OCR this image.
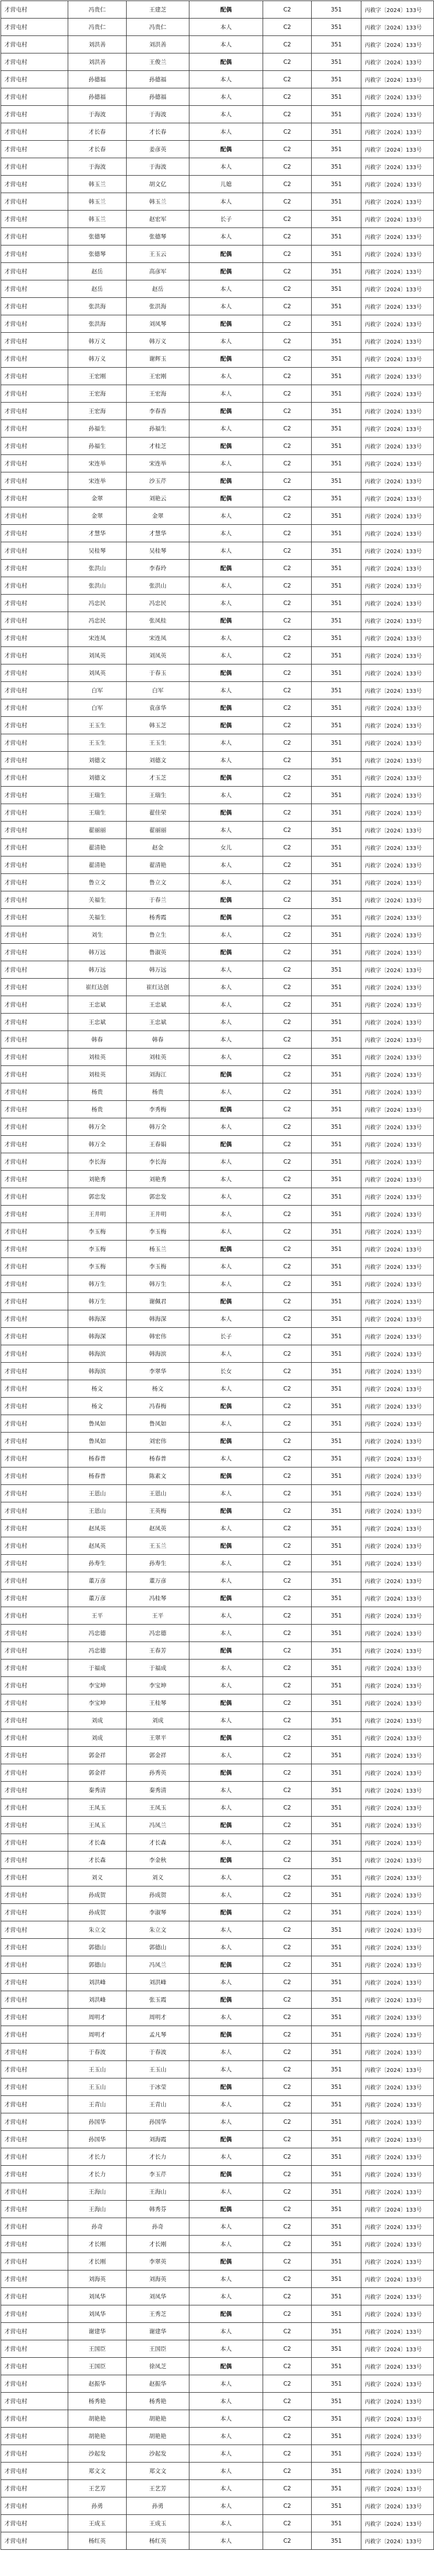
才营屯村	冯贵仁	王建芝	配偶	C2	351	丙救字〔2024〕133号
才营屯村	冯贵仁	冯贵仁	本人	C2	351	丙救字〔2024〕133号
才营屯村	刘洪善	刘洪善	本人	C2	351	丙救字〔2024〕133号
才营屯村	刘洪善	王俊兰	配偶	C2	351	丙救字〔2024〕133号
才营屯村	孙德福	孙德福	本人	C2	351	丙救字〔2024〕133号
才营屯村	孙德福	孙德福	本人	C2	351	丙救字〔2024〕133号
才营屯村	于海波	于海波	本人	C2	351	丙救字〔2024〕133号
才营屯村	才长春	才长春	本人	C2	351	丙救字〔2024〕133号
才营屯村	才长春	姜彦英	配偶	C2	351	丙救字〔2024〕133号
才营屯村	于海波	于海波	本人	C2	351	丙救字〔2024〕133号
才营屯村	韩玉兰	胡文亿	儿媳	C2	351	丙救字〔2024〕133号
才营屯村	韩玉兰	韩玉兰	本人	C2	351	丙救字〔2024〕133号
才营屯村	韩玉兰	赵宏军	长子	C2	351	丙救字〔2024〕133号
才营屯村	张德琴	张德琴	本人	C2	351	丙救字〔2024〕133号
才营屯村	张德琴	王玉云	配偶	C2	351	丙救字〔2024〕133号
才营屯村	赵岳	高彦军	配偶	C2	351	丙救字〔2024〕133号
才营屯村	赵岳	赵岳	本人	C2	351	丙救字〔2024〕133号
才营屯村	张洪海	张洪海	本人	C2	351	丙救字〔2024〕133号
才营屯村	张洪海	刘凤琴	配偶	C2	351	丙救字〔2024〕133号
才营屯村	韩万义	韩万义	本人	C2	351	丙救字〔2024〕133号
才营屯村	韩万义	谢辉玉	配偶	C2	351	丙救字〔2024〕133号
才营屯村	王宏刚	王宏刚	本人	C2	351	丙救字〔2024〕133号
才营屯村	王宏海	王宏海	本人	C2	351	丙救字〔2024〕133号
才营屯村	王宏海	李春香	配偶	C2	351	丙救字〔2024〕133号
才营屯村	孙福生	孙福生	本人	C2	351	丙救字〔2024〕133号
才营屯村	孙福生	才桂芝	配偶	C2	351	丙救字〔2024〕133号
才营屯村	宋连举	宋连举	本人	C2	351	丙救字〔2024〕133号
才营屯村	宋连举	沙玉芹	配偶	C2	351	丙救字〔2024〕133号
才营屯村	金翠	刘艳云	配偶	C2	351	丙救字〔2024〕133号
才营屯村	金翠	金翠	本人	C2	351	丙救字〔2024〕133号
才营屯村	才慧华	才慧华	本人	C2	351	丙救字〔2024〕133号
才营屯村	吴桂琴	吴桂琴	本人	C2	351	丙救字〔2024〕133号
才营屯村	张洪山	李春玲	配偶	C2	351	丙救字〔2024〕133号
才营屯村	张洪山	张洪山	本人	C2	351	丙救字〔2024〕133号
才营屯村	冯忠民	冯忠民	本人	C2	351	丙救字〔2024〕133号
才营屯村	冯忠民	张凤桂	配偶	C2	351	丙救字〔2024〕133号
才营屯村	宋连凤	宋连凤	本人	C2	351	丙救字〔2024〕133号
才营屯村	刘凤英	刘凤英	本人	C2	351	丙救字〔2024〕133号
才营屯村	刘凤英	于春玉	配偶	C2	351	丙救字〔2024〕133号
才营屯村	白军	白军	本人	C2	351	丙救字〔2024〕133号
才营屯村	白军	袁彦华	配偶	C2	351	丙救字〔2024〕133号
才营屯村	王玉生	韩玉芝	配偶	C2	351	丙救字〔2024〕133号
才营屯村	王玉生	王玉生	本人	C2	351	丙救字〔2024〕133号
才营屯村	刘德文	刘德文	本人	C2	351	丙救字〔2024〕133号
才营屯村	刘德文	才玉芝	配偶	C2	351	丙救字〔2024〕133号
才营屯村	王瑞生	王瑞生	本人	C2	351	丙救字〔2024〕133号
才营屯村	王瑞生	翟佳荣	配偶	C2	351	丙救字〔2024〕133号
才营屯村	翟丽丽	翟丽丽	本人	C2	351	丙救字〔2024〕133号
才营屯村	翟清艳	赵金	女儿	C2	351	丙救字〔2024〕133号
才营屯村	翟清艳	翟清艳	本人	C2	351	丙救字〔2024〕133号
才营屯村	鲁立文	鲁立文	本人	C2	351	丙救字〔2024〕133号
才营屯村	关福生	于春兰	配偶	C2	351	丙救字〔2024〕133号
才营屯村	关福生	杨秀霞	配偶	C2	351	丙救字〔2024〕133号
才营屯村	刘生	鲁立生	本人	C2	351	丙救字〔2024〕133号
才营屯村	韩万远	鲁淑英	配偶	C2	351	丙救字〔2024〕133号
才营屯村	韩万远	韩万远	本人	C2	351	丙救字〔2024〕133号
才营屯村	崔红达创	崔红达创	本人	C2	351	丙救字〔2024〕133号
才营屯村	王忠斌	王忠斌	本人	C2	351	丙救字〔2024〕133号
才营屯村	王忠斌	王忠斌	本人	C2	351	丙救字〔2024〕133号
才营屯村	韩春	韩春	本人	C2	351	丙救字〔2024〕133号
才营屯村	刘桂英	刘桂英	本人	C2	351	丙救字〔2024〕133号
才营屯村	刘桂英	刘海江	配偶	C2	351	丙救字〔2024〕133号
才营屯村	杨贵	杨贵	本人	C2	351	丙救字〔2024〕133号
才营屯村	杨贵	李秀梅	配偶	C2	351	丙救字〔2024〕133号
才营屯村	韩万全	韩万全	本人	C2	351	丙救字〔2024〕133号
才营屯村	韩万全	王春娟	配偶	C2	351	丙救字〔2024〕133号
才营屯村	李长海	李长海	本人	C2	351	丙救字〔2024〕133号
才营屯村	刘艳秀	刘艳秀	本人	C2	351	丙救字〔2024〕133号
才营屯村	郭忠发	郭忠发	本人	C2	351	丙救字〔2024〕133号
才营屯村	王井明	王井明	本人	C2	351	丙救字〔2024〕133号
才营屯村	李玉梅	李玉梅	本人	C2	351	丙救字〔2024〕133号
才营屯村	李玉梅	杨玉兰	配偶	C2	351	丙救字〔2024〕133号
才营屯村	李玉梅	李玉梅	本人	C2	351	丙救字〔2024〕133号
才营屯村	韩万生	韩万生	本人	C2	351	丙救字〔2024〕133号
才营屯村	韩万生	谢佩君	配偶	C2	351	丙救字〔2024〕133号
才营屯村	韩海深	韩海深	本人	C2	351	丙救字〔2024〕133号
才营屯村	韩海深	韩宏伟	长子	C2	351	丙救字〔2024〕133号
才营屯村	韩海滨	韩海滨	本人	C2	351	丙救字〔2024〕133号
才营屯村	韩海滨	李翠华	长女	C2	351	丙救字〔2024〕133号
才营屯村	杨文	杨文	本人	C2	351	丙救字〔2024〕133号
才营屯村	杨文	冯春梅	配偶	C2	351	丙救字〔2024〕133号
才营屯村	鲁凤如	鲁凤如	本人	C2	351	丙救字〔2024〕133号
才营屯村	鲁凤如	刘宏伟	配偶	C2	351	丙救字〔2024〕133号
才营屯村	杨春普	杨春普	本人	C2	351	丙救字〔2024〕133号
才营屯村	杨春普	陈素文	配偶	C2	351	丙救字〔2024〕133号
才营屯村	王恩山	王恩山	本人	C2	351	丙救字〔2024〕133号
才营屯村	王恩山	王英梅	配偶	C2	351	丙救字〔2024〕133号
才营屯村	赵凤英	赵凤英	本人	C2	351	丙救字〔2024〕133号
才营屯村	赵凤英	王玉兰	配偶	C2	351	丙救字〔2024〕133号
才营屯村	孙寿生	孙寿生	本人	C2	351	丙救字〔2024〕133号
才营屯村	董万彦	董万彦	本人	C2	351	丙救字〔2024〕133号
才营屯村	董万彦	冯桂琴	配偶	C2	351	丙救字〔2024〕133号
才营屯村	王平	王平	本人	C2	351	丙救字〔2024〕133号
才营屯村	冯忠德	冯忠德	本人	C2	351	丙救字〔2024〕133号
才营屯村	冯忠德	王春芳	配偶	C2	351	丙救字〔2024〕133号
才营屯村	于福成	于福成	本人	C2	351	丙救字〔2024〕133号
才营屯村	李宝坤	李宝坤	本人	C2	351	丙救字〔2024〕133号
才营屯村	李宝坤	王桂琴	配偶	C2	351	丙救字〔2024〕133号
才营屯村	刘成	刘成	本人	C2	351	丙救字〔2024〕133号
才营屯村	刘成	王翠平	配偶	C2	351	丙救字〔2024〕133号
才营屯村	郭金祥	郭金祥	本人	C2	351	丙救字〔2024〕133号
才营屯村	郭金祥	孙秀英	配偶	C2	351	丙救字〔2024〕133号
才营屯村	秦秀清	秦秀清	本人	C2	351	丙救字〔2024〕133号
才营屯村	王凤玉	王凤玉	本人	C2	351	丙救字〔2024〕133号
才营屯村	王凤玉	冯凤兰	配偶	C2	351	丙救字〔2024〕133号
才营屯村	才长森	才长森	本人	C2	351	丙救字〔2024〕133号
才营屯村	才长森	李金秋	配偶	C2	351	丙救字〔2024〕133号
才营屯村	刘义	刘义	本人	C2	351	丙救字〔2024〕133号
才营屯村	孙成贺	孙成贺	本人	C2	351	丙救字〔2024〕133号
才营屯村	孙成贺	李淑琴	配偶	C2	351	丙救字〔2024〕133号
才营屯村	朱立文	朱立文	本人	C2	351	丙救字〔2024〕133号
才营屯村	郭德山	郭德山	本人	C2	351	丙救字〔2024〕133号
才营屯村	郭德山	冯凤兰	配偶	C2	351	丙救字〔2024〕133号
才营屯村	刘洪峰	刘洪峰	本人	C2	351	丙救字〔2024〕133号
才营屯村	刘洪峰	张玉霞	配偶	C2	351	丙救字〔2024〕133号
才营屯村	周明才	周明才	本人	C2	351	丙救字〔2024〕133号
才营屯村	周明才	孟凡琴	配偶	C2	351	丙救字〔2024〕133号
才营屯村	于春波	于春波	本人	C2	351	丙救字〔2024〕133号
才营屯村	王玉山	王玉山	本人	C2	351	丙救字〔2024〕133号
才营屯村	王玉山	于冰莹	配偶	C2	351	丙救字〔2024〕133号
才营屯村	王青山	王青山	本人	C2	351	丙救字〔2024〕133号
才营屯村	孙国华	孙国华	本人	C2	351	丙救字〔2024〕133号
才营屯村	孙国华	刘海霞	配偶	C2	351	丙救字〔2024〕133号
才营屯村	才长力	才长力	本人	C2	351	丙救字〔2024〕133号
才营屯村	才长力	李玉芹	配偶	C2	351	丙救字〔2024〕133号
才营屯村	王海山	王海山	本人	C2	351	丙救字〔2024〕133号
才营屯村	王海山	韩秀芬	配偶	C2	351	丙救字〔2024〕133号
才营屯村	孙奇	孙奇	本人	C2	351	丙救字〔2024〕133号
才营屯村	才长刚	才长刚	本人	C2	351	丙救字〔2024〕133号
才营屯村	才长刚	李翠英	配偶	C2	351	丙救字〔2024〕133号
才营屯村	刘海英	刘海英	本人	C2	351	丙救字〔2024〕133号
才营屯村	刘凤华	刘凤华	本人	C2	351	丙救字〔2024〕133号
才营屯村	刘凤华	王秀芝	配偶	C2	351	丙救字〔2024〕133号
才营屯村	谢建华	谢建华	本人	C2	351	丙救字〔2024〕133号
才营屯村	王国臣	王国臣	本人	C2	351	丙救字〔2024〕133号
才营屯村	王国臣	徐凤芝	配偶	C2	351	丙救字〔2024〕133号
才营屯村	赵振华	赵振华	本人	C2	351	丙救字〔2024〕133号
才营屯村	杨秀艳	杨秀艳	本人	C2	351	丙救字〔2024〕133号
才营屯村	胡艳艳	胡艳艳	本人	C2	351	丙救字〔2024〕133号
才营屯村	胡艳艳	胡艳艳	本人	C2	351	丙救字〔2024〕133号
才营屯村	沙起发	沙起发	本人	C2	351	丙救字〔2024〕133号
才营屯村	郑文文	郑文文	本人	C2	351	丙救字〔2024〕133号
才营屯村	王艺芳	王艺芳	本人	C2	351	丙救字〔2024〕133号
才营屯村	孙勇	孙勇	本人	C2	351	丙救字〔2024〕133号
才营屯村	王成玉	王成玉	本人	C2	351	丙救字〔2024〕133号
才营屯村	杨红英	杨红英	本人	C2	351	丙救字〔2024〕133号
